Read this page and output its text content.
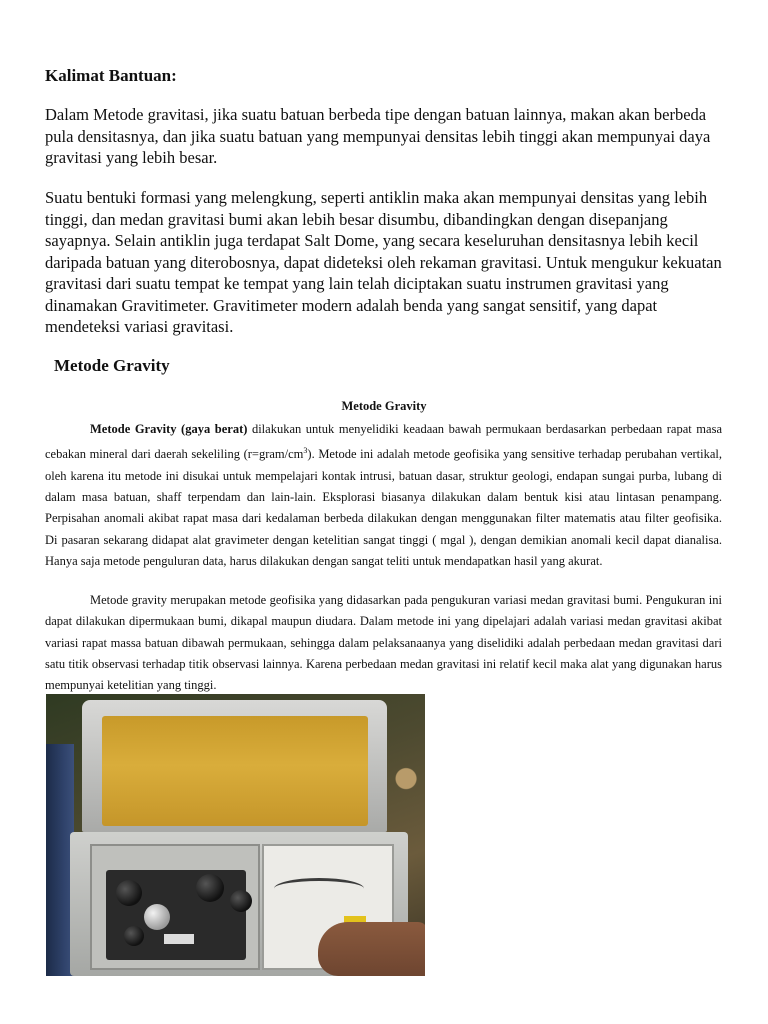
Kalimat Bantuan:

Dalam Metode gravitasi, jika suatu batuan berbeda tipe dengan batuan lainnya, makan akan berbeda pula densitasnya, dan jika suatu batuan yang mempunyai densitas lebih tinggi akan mempunyai daya gravitasi yang lebih besar.

Suatu bentuki formasi yang melengkung, seperti antiklin maka akan mempunyai densitas yang lebih tinggi, dan medan gravitasi bumi akan lebih besar disumbu, dibandingkan dengan disepanjang sayapnya. Selain antiklin juga terdapat Salt Dome, yang secara keseluruhan densitasnya lebih kecil daripada batuan yang diterobosnya, dapat dideteksi oleh rekaman gravitasi. Untuk mengukur kekuatan gravitasi dari suatu tempat ke tempat yang lain telah diciptakan suatu instrumen gravitasi yang dinamakan Gravitimeter. Gravitimeter modern adalah benda yang sangat sensitif, yang dapat mendeteksi variasi gravitasi.

Metode Gravity
Metode Gravity

Metode Gravity (gaya berat) dilakukan untuk menyelidiki keadaan bawah permukaan berdasarkan perbedaan rapat masa cebakan mineral dari daerah sekeliling $(r=gram/cm^3)$. Metode ini adalah metode geofisika yang sensitive terhadap perubahan vertikal, oleh karena itu metode ini disukai untuk mempelajari kontak intrusi, batuan dasar, struktur geologi, endapan sungai purba, lubang di dalam masa batuan, shaff terpendam dan lain-lain. Eksplorasi biasanya dilakukan dalam bentuk kisi atau lintasan penampang. Perpisahan anomali akibat rapat masa dari kedalaman berbeda dilakukan dengan menggunakan filter matematis atau filter geofisika. Di pasaran sekarang didapat alat gravimeter dengan ketelitian sangat tinggi ( mgal ), dengan demikian anomali kecil dapat dianalisa. Hanya saja metode penguluran data, harus dilakukan dengan sangat teliti untuk mendapatkan hasil yang akurat.

Metode gravity merupakan metode geofisika yang didasarkan pada pengukuran variasi medan gravitasi bumi. Pengukuran ini dapat dilakukan dipermukaan bumi, dikapal maupun diudara. Dalam metode ini yang dipelajari adalah variasi medan gravitasi akibat variasi rapat massa batuan dibawah permukaan, sehingga dalam pelaksanaanya yang diselidiki adalah perbedaan medan gravitasi dari satu titik observasi terhadap titik observasi lainnya. Karena perbedaan medan gravitasi ini relatif kecil maka alat yang digunakan harus mempunyai ketelitian yang tinggi.
